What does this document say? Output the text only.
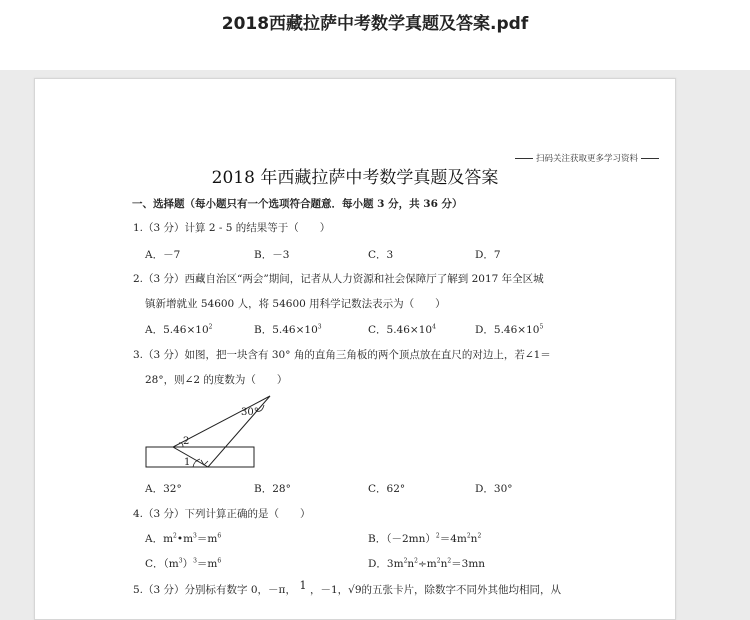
2018西藏拉萨中考数学真题及答案.pdf
扫码关注获取更多学习资料
2018 年西藏拉萨中考数学真题及答案
一、选择题（每小题只有一个选项符合题意．每小题 3 分，共 36 分）
1.（3 分）计算 2 - 5 的结果等于（　　）
A．－7	B．－3	C．3	D．7
2.（3 分）西藏自治区“两会”期间，记者从人力资源和社会保障厅了解到 2017 年全区城
镇新增就业 54600 人，将 54600 用科学记数法表示为（　　）
A．$5.46\times 10^2$	B．$5.46\times 10^3$	C．$5.46\times 10^4$	D．$5.46\times 10^5$
3.（3 分）如图，把一块含有 30° 角的直角三角板的两个顶点放在直尺的对边上，若∠1＝
28°，则∠2 的度数为（　　）
30°
2
1
A．32°	B．28°	C．62°	D．30°
4.（3 分）下列计算正确的是（　　）
A．$m^2•m^3=m^6$	B．$(-2mn)^2=4m^2n^2$
C．$(m^3)^3=m^6$	D．$3m^2n^2\div m^2n^2=3mn$
5.（3 分）分别标有数字 0，－π， 1 ，－1，√9的五张卡片，除数字不同外其他均相同，从
